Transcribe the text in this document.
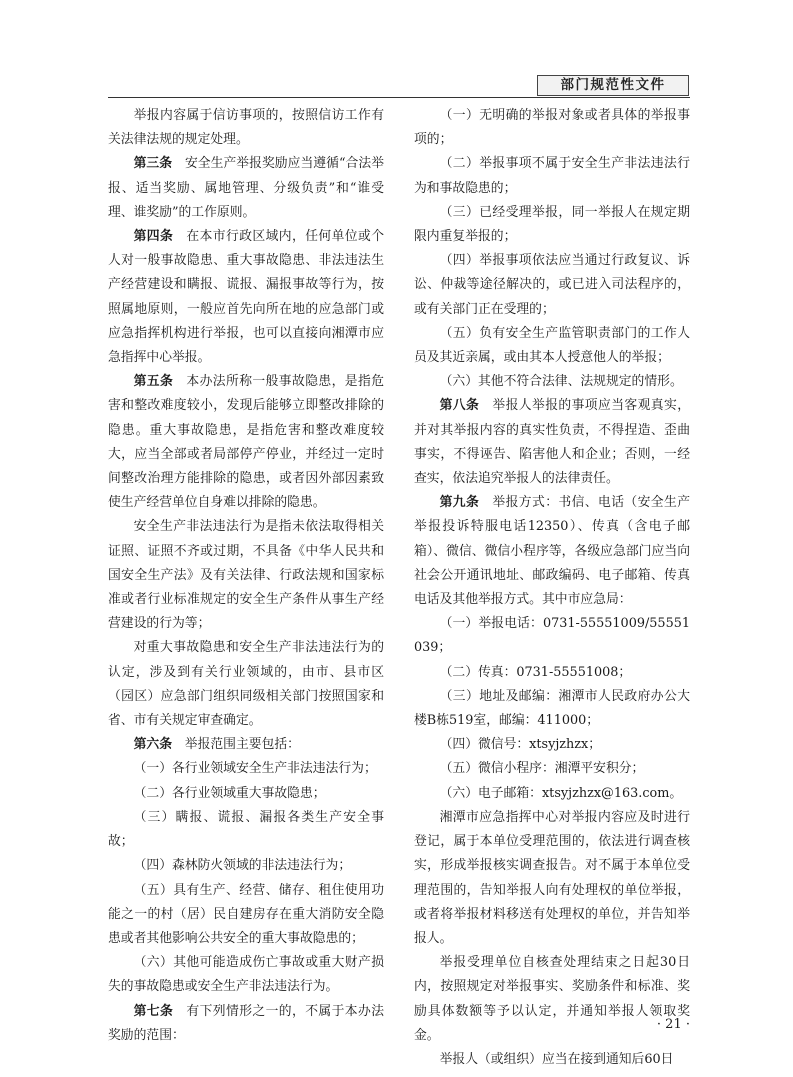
部门规范性文件

举报内容属于信访事项的，按照信访工作有关法律法规的规定处理。

第三条　 安全生产举报奖励应当遵循“合法举报、适当奖励、属地管理、分级负责”和“谁受理、谁奖励”的工作原则。

第四条　 在本市行政区域内，任何单位或个人对一般事故隐患、重大事故隐患、非法违法生产经营建设和瞒报、谎报、漏报事故等行为，按照属地原则，一般应首先向所在地的应急部门或应急指挥机构进行举报，也可以直接向湘潭市应急指挥中心举报。

第五条　 本办法所称一般事故隐患，是指危害和整改难度较小，发现后能够立即整改排除的隐患。重大事故隐患，是指危害和整改难度较大，应当全部或者局部停产停业，并经过一定时间整改治理方能排除的隐患，或者因外部因素致使生产经营单位自身难以排除的隐患。

安全生产非法违法行为是指未依法取得相关证照、证照不齐或过期，不具备《中华人民共和国安全生产法》及有关法律、行政法规和国家标准或者行业标准规定的安全生产条件从事生产经营建设的行为等；

对重大事故隐患和安全生产非法违法行为的认定，涉及到有关行业领域的，由市、县市区（园区）应急部门组织同级相关部门按照国家和省、市有关规定审查确定。

第六条　 举报范围主要包括：

（一）各行业领域安全生产非法违法行为；

（二）各行业领域重大事故隐患；

（三）瞒报、谎报、漏报各类生产安全事故；

（四）森林防火领域的非法违法行为；

（五）具有生产、经营、储存、租住使用功能之一的村（居）民自建房存在重大消防安全隐患或者其他影响公共安全的重大事故隐患的；

（六）其他可能造成伤亡事故或重大财产损失的事故隐患或安全生产非法违法行为。

第七条　 有下列情形之一的，不属于本办法奖励的范围：

（一）无明确的举报对象或者具体的举报事项的；

（二）举报事项不属于安全生产非法违法行为和事故隐患的；

（三）已经受理举报，同一举报人在规定期限内重复举报的；

（四）举报事项依法应当通过行政复议、诉讼、仲裁等途径解决的，或已进入司法程序的，或有关部门正在受理的；

（五）负有安全生产监管职责部门的工作人员及其近亲属，或由其本人授意他人的举报；

（六）其他不符合法律、法规规定的情形。

第八条　 举报人举报的事项应当客观真实，并对其举报内容的真实性负责，不得捏造、歪曲事实，不得诬告、陷害他人和企业；否则，一经查实，依法追究举报人的法律责任。

第九条　 举报方式：书信、电话（安全生产举报投诉特服电话12350）、传真（含电子邮箱）、微信、微信小程序等，各级应急部门应当向社会公开通讯地址、邮政编码、电子邮箱、传真电话及其他举报方式。其中市应急局：

（一）举报电话：0731-55551009/55551039；

（二）传真：0731-55551008；

（三）地址及邮编：湘潭市人民政府办公大楼B栋519室，邮编：411000；

（四）微信号：xtsyjzhzx；

（五）微信小程序：湘潭平安积分；

（六）电子邮箱：xtsyjzhzx@163.com。

湘潭市应急指挥中心对举报内容应及时进行登记，属于本单位受理范围的，依法进行调查核实，形成举报核实调查报告。对不属于本单位受理范围的，告知举报人向有处理权的单位举报，或者将举报材料移送有处理权的单位，并告知举报人。

举报受理单位自核查处理结束之日起30日内，按照规定对举报事实、奖励条件和标准、奖励具体数额等予以认定，并通知举报人领取奖金。

举报人（或组织）应当在接到通知后60日

· 21 ·
